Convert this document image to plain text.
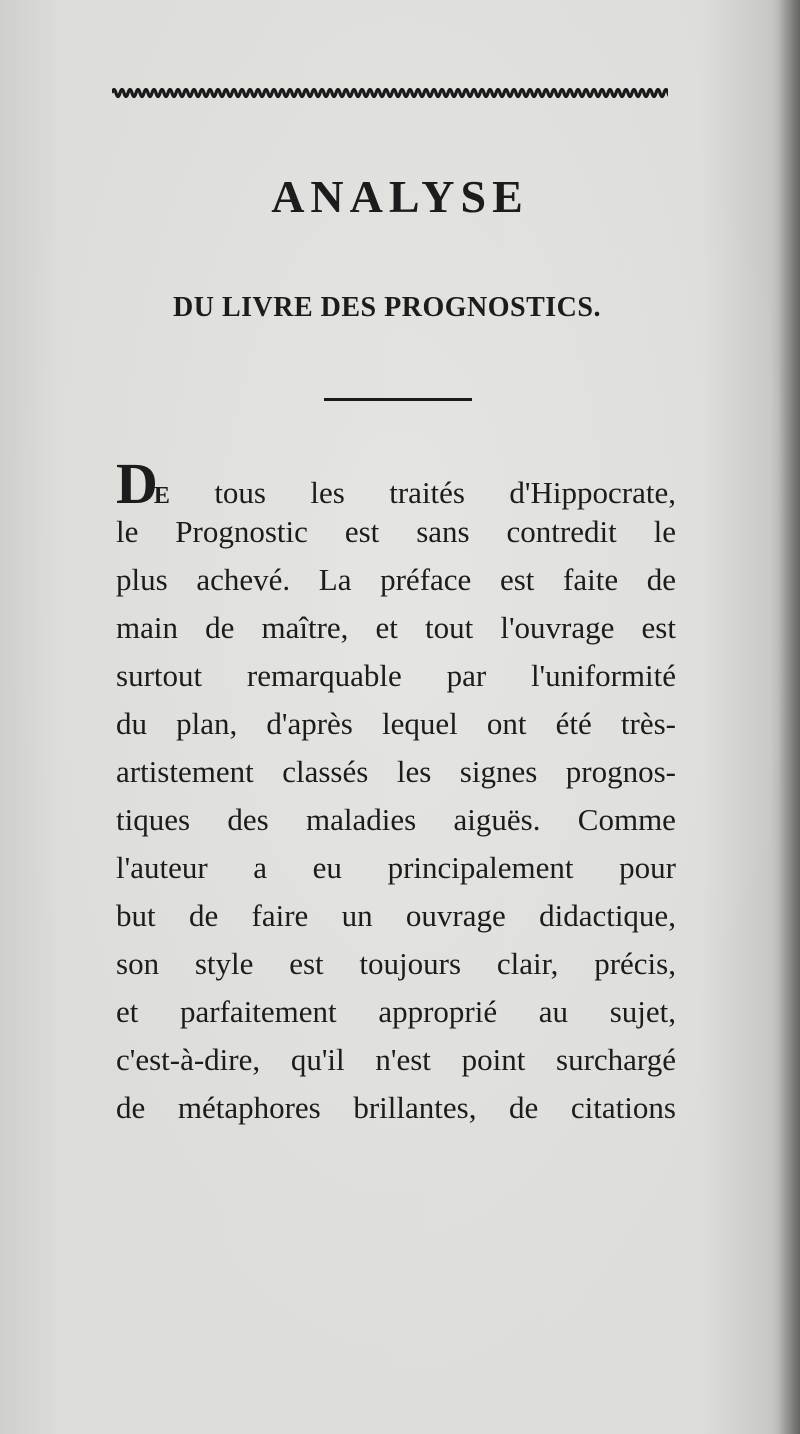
ANALYSE
DU LIVRE DES PROGNOSTICS.
DE tous les traités d'Hippocrate,
le Prognostic est sans contredit le
plus achevé. La préface est faite de
main de maître, et tout l'ouvrage est
surtout remarquable par l'uniformité
du plan, d'après lequel ont été très-
artistement classés les signes prognos-
tiques des maladies aiguës. Comme
l'auteur a eu principalement pour
but de faire un ouvrage didactique,
son style est toujours clair, précis,
et parfaitement approprié au sujet,
c'est-à-dire, qu'il n'est point surchargé
de métaphores brillantes, de citations
